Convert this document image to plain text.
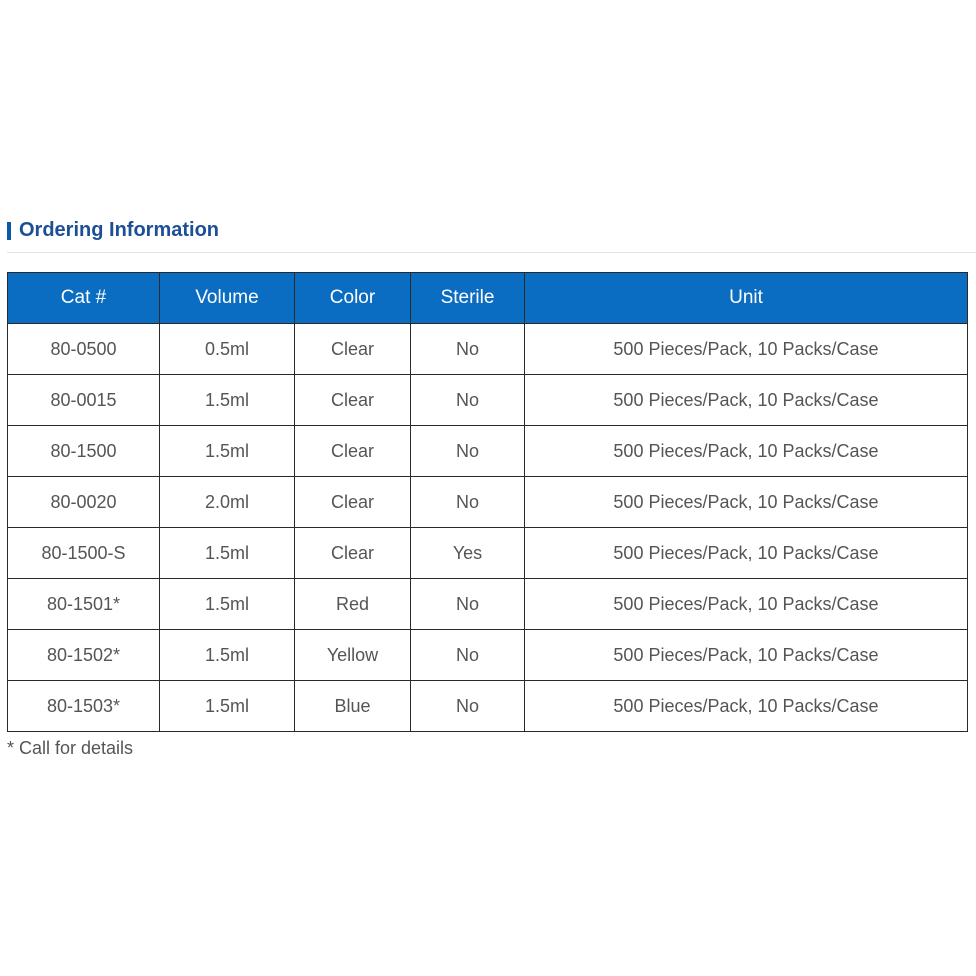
Ordering Information
Cat #	Volume	Color	Sterile	Unit
80-0500	0.5ml	Clear	No	500 Pieces/Pack, 10 Packs/Case
80-0015	1.5ml	Clear	No	500 Pieces/Pack, 10 Packs/Case
80-1500	1.5ml	Clear	No	500 Pieces/Pack, 10 Packs/Case
80-0020	2.0ml	Clear	No	500 Pieces/Pack, 10 Packs/Case
80-1500-S	1.5ml	Clear	Yes	500 Pieces/Pack, 10 Packs/Case
80-1501*	1.5ml	Red	No	500 Pieces/Pack, 10 Packs/Case
80-1502*	1.5ml	Yellow	No	500 Pieces/Pack, 10 Packs/Case
80-1503*	1.5ml	Blue	No	500 Pieces/Pack, 10 Packs/Case

* Call for details
